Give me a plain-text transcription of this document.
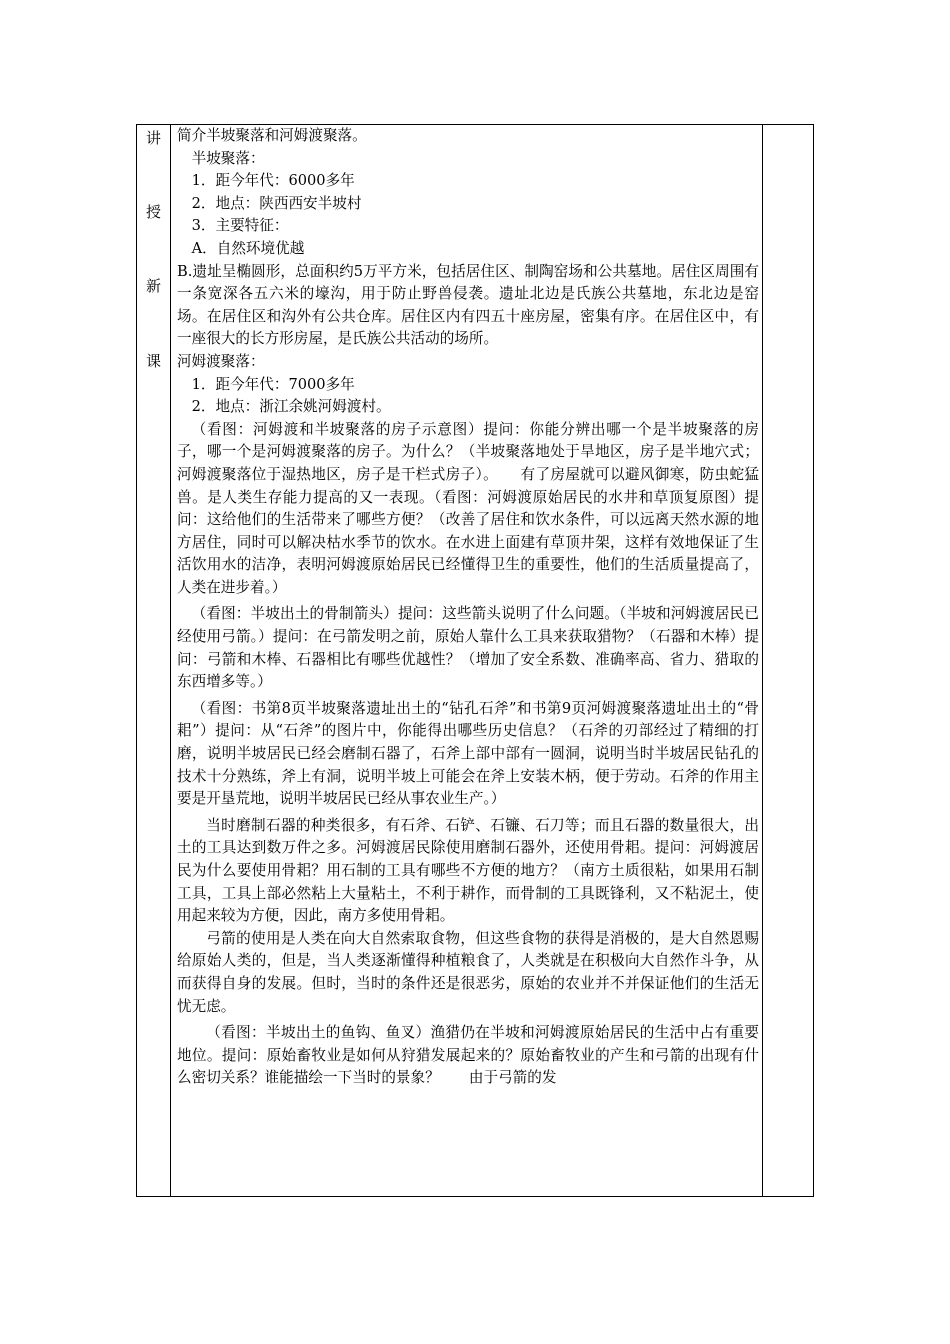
讲
授
新
课

简介半坡聚落和河姆渡聚落。

半坡聚落：

1．距今年代：6000多年

2．地点：陕西西安半坡村

3．主要特征：

A．自然环境优越

B.遗址呈椭圆形，总面积约5万平方米，包括居住区、制陶窑场和公共墓地。居住区周围有一条宽深各五六米的壕沟，用于防止野兽侵袭。遗址北边是氏族公共墓地，东北边是窑场。在居住区和沟外有公共仓库。居住区内有四五十座房屋，密集有序。在居住区中，有一座很大的长方形房屋，是氏族公共活动的场所。

河姆渡聚落：

1．距今年代：7000多年

2．地点：浙江余姚河姆渡村。

（看图：河姆渡和半坡聚落的房子示意图）提问：你能分辨出哪一个是半坡聚落的房子，哪一个是河姆渡聚落的房子。为什么？（半坡聚落地处于旱地区，房子是半地穴式；河姆渡聚落位于湿热地区，房子是干栏式房子）。　　有了房屋就可以避风御寒，防虫蛇猛兽。是人类生存能力提高的又一表现。（看图：河姆渡原始居民的水井和草顶复原图）提问：这给他们的生活带来了哪些方便？（改善了居住和饮水条件，可以远离天然水源的地方居住，同时可以解决枯水季节的饮水。在水进上面建有草顶井架，这样有效地保证了生活饮用水的洁净，表明河姆渡原始居民已经懂得卫生的重要性，他们的生活质量提高了，人类在进步着。）

（看图：半坡出土的骨制箭头）提问：这些箭头说明了什么问题。（半坡和河姆渡居民已经使用弓箭。）提问：在弓箭发明之前，原始人靠什么工具来获取猎物？（石器和木棒）提问：弓箭和木棒、石器相比有哪些优越性？（增加了安全系数、准确率高、省力、猎取的东西增多等。）

（看图：书第8页半坡聚落遗址出土的“钻孔石斧”和书第9页河姆渡聚落遗址出土的“骨耜”）提问：从“石斧”的图片中，你能得出哪些历史信息？（石斧的刃部经过了精细的打磨，说明半坡居民已经会磨制石器了，石斧上部中部有一圆洞，说明当时半坡居民钻孔的技术十分熟练，斧上有洞，说明半坡上可能会在斧上安装木柄，便于劳动。石斧的作用主要是开垦荒地，说明半坡居民已经从事农业生产。）

当时磨制石器的种类很多，有石斧、石铲、石镰、石刀等；而且石器的数量很大，出土的工具达到数万件之多。河姆渡居民除使用磨制石器外，还使用骨耜。提问：河姆渡居民为什么要使用骨耜？用石制的工具有哪些不方便的地方？（南方土质很粘，如果用石制工具，工具上部必然粘上大量粘土，不利于耕作，而骨制的工具既锋利，又不粘泥土，使用起来较为方便，因此，南方多使用骨耜。

弓箭的使用是人类在向大自然索取食物，但这些食物的获得是消极的，是大自然恩赐给原始人类的，但是，当人类逐渐懂得种植粮食了，人类就是在积极向大自然作斗争，从而获得自身的发展。但时，当时的条件还是很恶劣，原始的农业并不并保证他们的生活无忧无虑。

（看图：半坡出土的鱼钩、鱼叉）渔猎仍在半坡和河姆渡原始居民的生活中占有重要地位。提问：原始畜牧业是如何从狩猎发展起来的？原始畜牧业的产生和弓箭的出现有什么密切关系？谁能描绘一下当时的景象？　　由于弓箭的发
